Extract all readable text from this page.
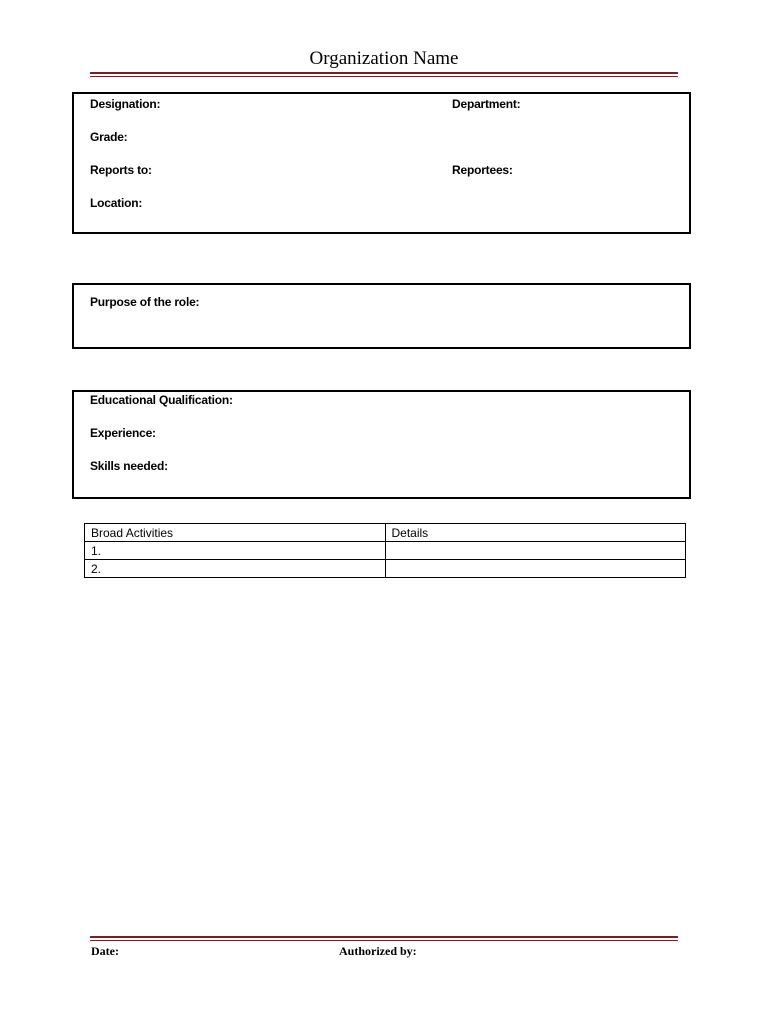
Organization Name
Designation:	Department:
Grade:
Reports to:	Reportees:
Location:
Purpose of the role:
Educational Qualification:
Experience:
Skills needed:
Broad Activities	Details
1.	
2.	
Date:	Authorized by:
